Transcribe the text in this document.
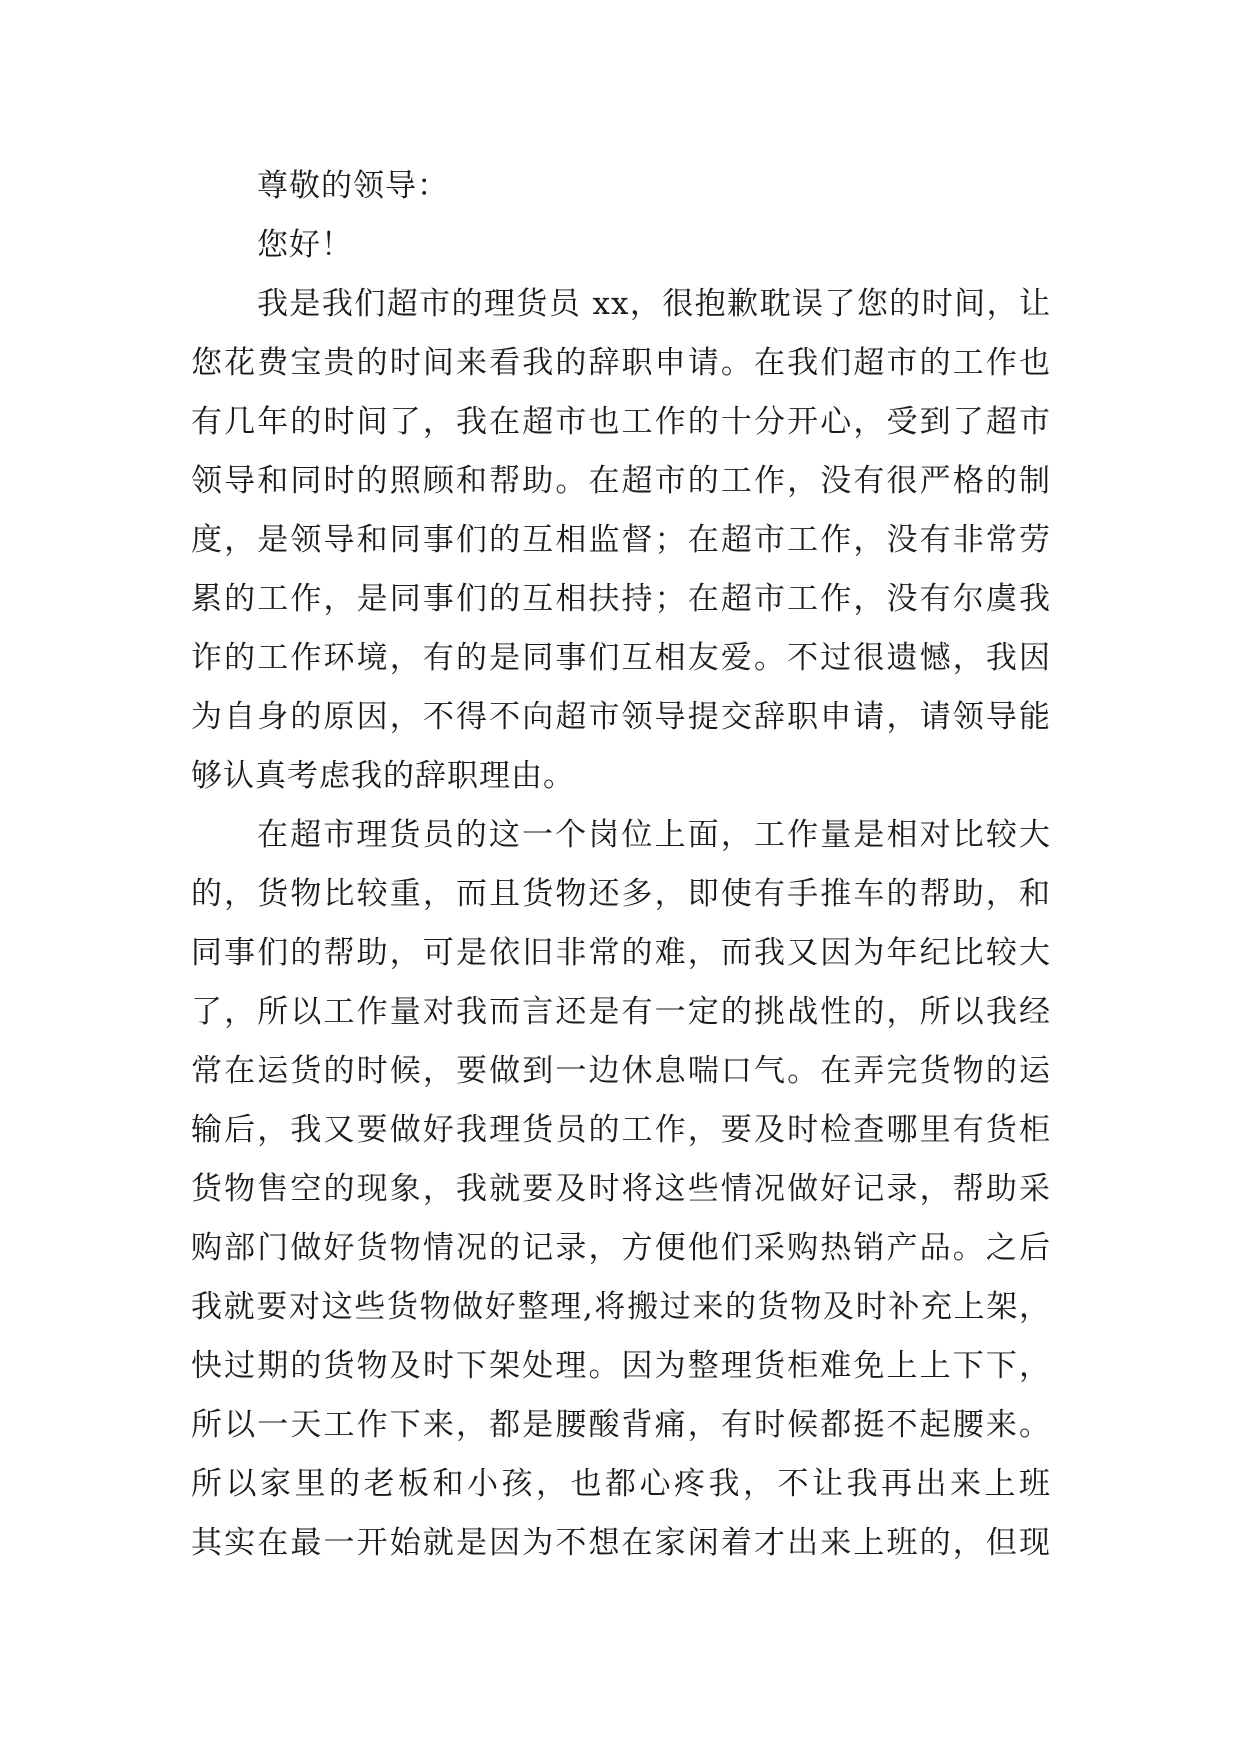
尊敬的领导：
您好！
我是我们超市的理货员 xx，很抱歉耽误了您的时间，让
您花费宝贵的时间来看我的辞职申请。在我们超市的工作也
有几年的时间了，我在超市也工作的十分开心，受到了超市
领导和同时的照顾和帮助。在超市的工作，没有很严格的制
度，是领导和同事们的互相监督；在超市工作，没有非常劳
累的工作，是同事们的互相扶持；在超市工作，没有尔虞我
诈的工作环境，有的是同事们互相友爱。不过很遗憾，我因
为自身的原因，不得不向超市领导提交辞职申请，请领导能
够认真考虑我的辞职理由。
在超市理货员的这一个岗位上面，工作量是相对比较大
的，货物比较重，而且货物还多，即使有手推车的帮助，和
同事们的帮助，可是依旧非常的难，而我又因为年纪比较大
了，所以工作量对我而言还是有一定的挑战性的，所以我经
常在运货的时候，要做到一边休息喘口气。在弄完货物的运
输后，我又要做好我理货员的工作，要及时检查哪里有货柜
货物售空的现象，我就要及时将这些情况做好记录，帮助采
购部门做好货物情况的记录，方便他们采购热销产品。之后
我就要对这些货物做好整理,将搬过来的货物及时补充上架，
快过期的货物及时下架处理。因为整理货柜难免上上下下，
所以一天工作下来，都是腰酸背痛，有时候都挺不起腰来。
所以家里的老板和小孩，也都心疼我，不让我再出来上班
其实在最一开始就是因为不想在家闲着才出来上班的，但现
